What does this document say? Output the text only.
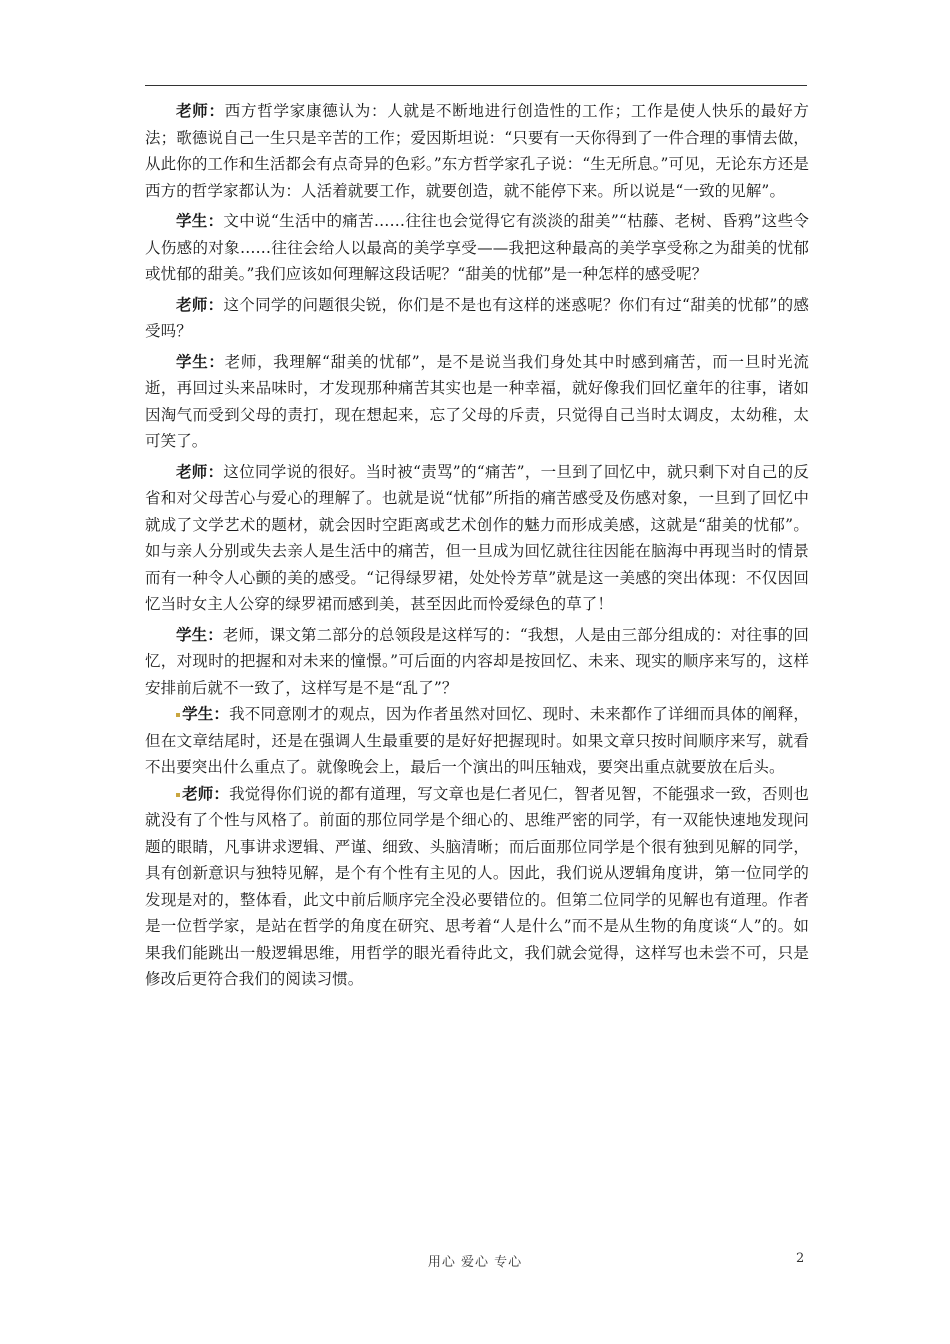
老师：西方哲学家康德认为：人就是不断地进行创造性的工作；工作是使人快乐的最好方法；歌德说自己一生只是辛苦的工作；爱因斯坦说：“只要有一天你得到了一件合理的事情去做，从此你的工作和生活都会有点奇异的色彩。”东方哲学家孔子说：“生无所息。”可见，无论东方还是西方的哲学家都认为：人活着就要工作，就要创造，就不能停下来。所以说是“一致的见解”。

学生：文中说“生活中的痛苦……往往也会觉得它有淡淡的甜美”“枯藤、老树、昏鸦”这些令人伤感的对象……往往会给人以最高的美学享受——我把这种最高的美学享受称之为甜美的忧郁或忧郁的甜美。”我们应该如何理解这段话呢？“甜美的忧郁”是一种怎样的感受呢？

老师：这个同学的问题很尖锐，你们是不是也有这样的迷惑呢？你们有过“甜美的忧郁”的感受吗？

学生：老师，我理解“甜美的忧郁”，是不是说当我们身处其中时感到痛苦，而一旦时光流逝，再回过头来品味时，才发现那种痛苦其实也是一种幸福，就好像我们回忆童年的往事，诸如因淘气而受到父母的责打，现在想起来，忘了父母的斥责，只觉得自己当时太调皮，太幼稚，太可笑了。

老师：这位同学说的很好。当时被“责骂”的“痛苦”，一旦到了回忆中，就只剩下对自己的反省和对父母苦心与爱心的理解了。也就是说“忧郁”所指的痛苦感受及伤感对象，一旦到了回忆中就成了文学艺术的题材，就会因时空距离或艺术创作的魅力而形成美感，这就是“甜美的忧郁”。如与亲人分别或失去亲人是生活中的痛苦，但一旦成为回忆就往往因能在脑海中再现当时的情景而有一种令人心颤的美的感受。“记得绿罗裙，处处怜芳草”就是这一美感的突出体现：不仅因回忆当时女主人公穿的绿罗裙而感到美，甚至因此而怜爱绿色的草了！

学生：老师，课文第二部分的总领段是这样写的：“我想，人是由三部分组成的：对往事的回忆，对现时的把握和对未来的憧憬。”可后面的内容却是按回忆、未来、现实的顺序来写的，这样安排前后就不一致了，这样写是不是“乱了”？

学生：我不同意刚才的观点，因为作者虽然对回忆、现时、未来都作了详细而具体的阐释，但在文章结尾时，还是在强调人生最重要的是好好把握现时。如果文章只按时间顺序来写，就看不出要突出什么重点了。就像晚会上，最后一个演出的叫压轴戏，要突出重点就要放在后头。

老师：我觉得你们说的都有道理，写文章也是仁者见仁，智者见智，不能强求一致，否则也就没有了个性与风格了。前面的那位同学是个细心的、思维严密的同学，有一双能快速地发现问题的眼睛，凡事讲求逻辑、严谨、细致、头脑清晰；而后面那位同学是个很有独到见解的同学，具有创新意识与独特见解，是个有个性有主见的人。因此，我们说从逻辑角度讲，第一位同学的发现是对的，整体看，此文中前后顺序完全没必要错位的。但第二位同学的见解也有道理。作者是一位哲学家，是站在哲学的角度在研究、思考着“人是什么”而不是从生物的角度谈“人”的。如果我们能跳出一般逻辑思维，用哲学的眼光看待此文，我们就会觉得，这样写也未尝不可，只是修改后更符合我们的阅读习惯。

用心 爱心 专心	2
